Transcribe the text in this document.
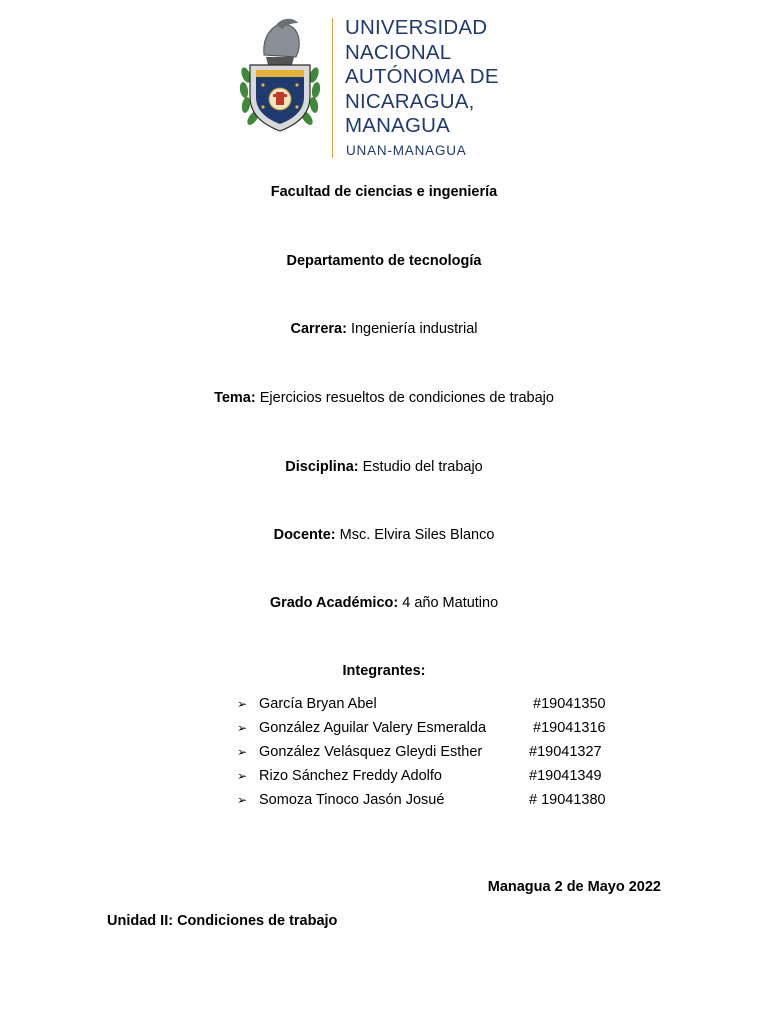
UNIVERSIDAD
NACIONAL
AUTÓNOMA DE
NICARAGUA,
MANAGUA
UNAN-MANAGUA
Facultad de ciencias e ingeniería
Departamento de tecnología
Carrera: Ingeniería industrial
Tema: Ejercicios resueltos de condiciones de trabajo
Disciplina: Estudio del trabajo
Docente: Msc. Elvira Siles Blanco
Grado Académico: 4 año Matutino
Integrantes:
➢ García Bryan Abel	#19041350
➢ González Aguilar Valery Esmeralda	#19041316
➢ González Velásquez Gleydi Esther	#19041327
➢ Rizo Sánchez Freddy Adolfo	#19041349
➢ Somoza Tinoco Jasón Josué	# 19041380
Managua 2 de Mayo 2022
Unidad II: Condiciones de trabajo
